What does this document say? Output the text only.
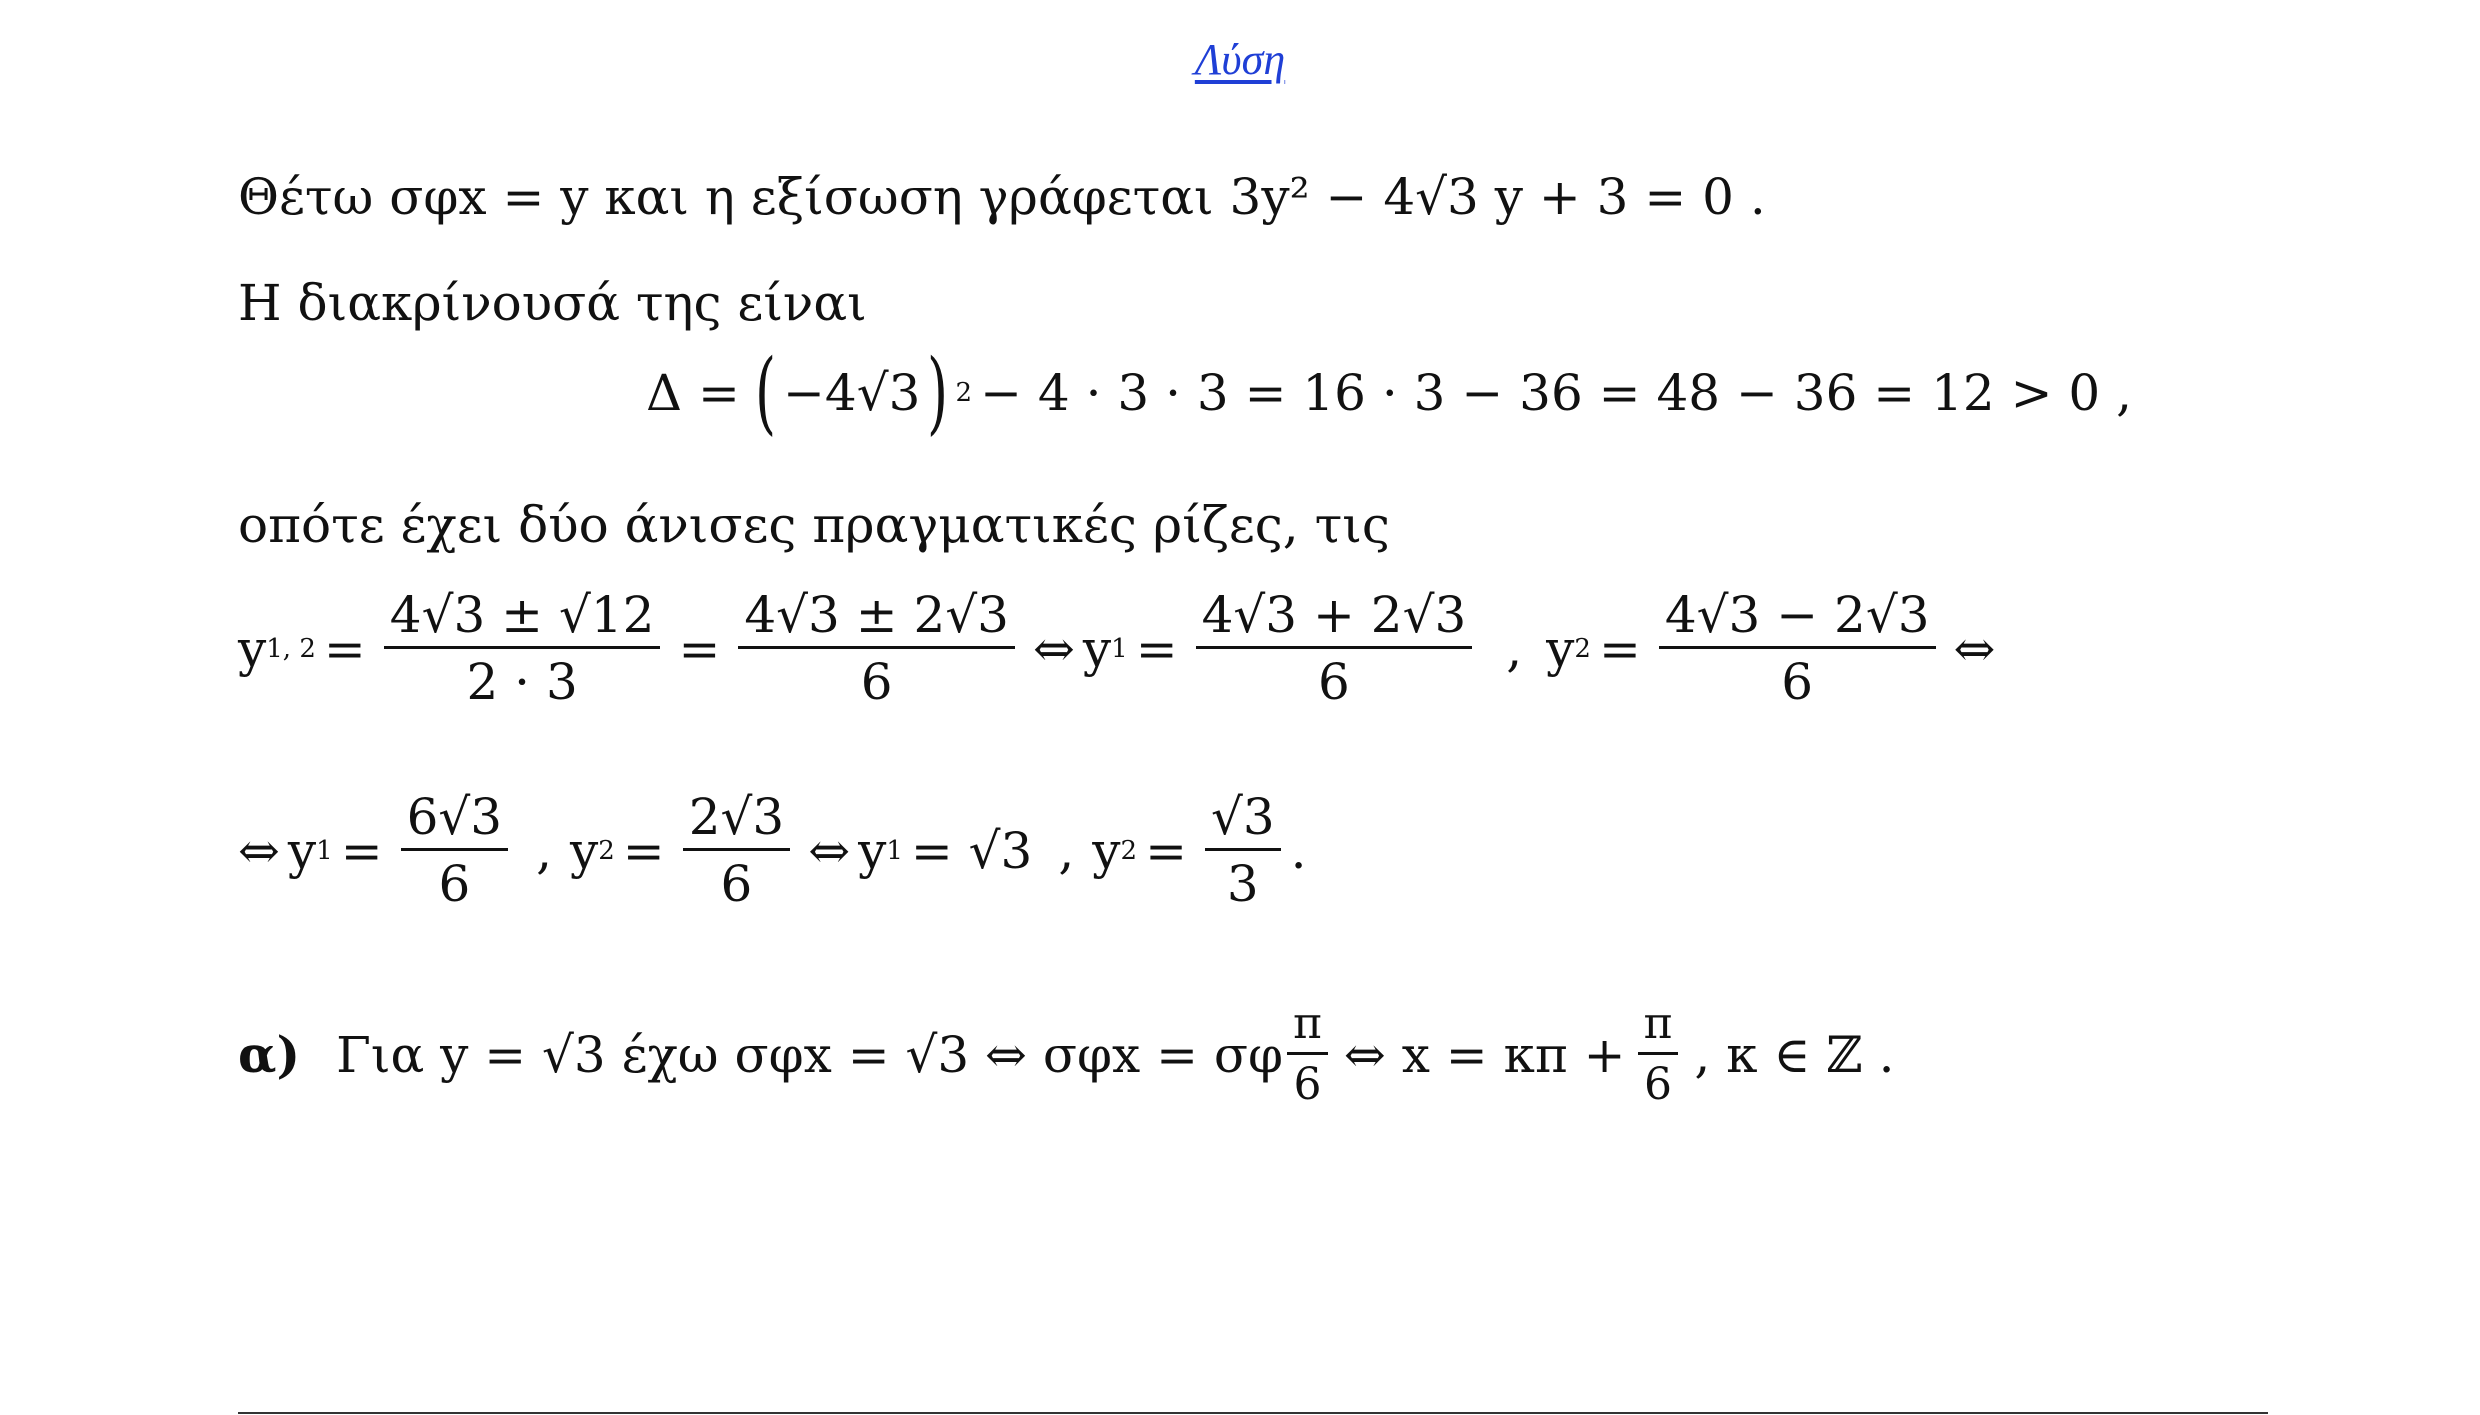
Λύση
Θέτω σφx = y και η εξίσωση γράφεται 3y² − 4√3 y + 3 = 0 .
Η διακρίνουσά της είναι
Δ = ( −4√3 ) 2 − 4 · 3 · 3 = 16 · 3 − 36 = 48 − 36 = 12 > 0 ,
οπότε έχει δύο άνισες πραγματικές ρίζες, τις
y 1, $2 = \frac{4√3 \pm √12}{2 \cdot 3} = \frac{4√3 \pm 2√3}{6}$ ⇔ y $1 = \frac{4√3 + 2√3}{6}$ , y $2 = \frac{4√3 - 2√3}{6}$ ⇔
⇔ y $1 = \frac{6√3}{6}$ , y $2 = \frac{2√3}{6}$ ⇔ y 1 = √3 , y $2 = \frac{√3}{3}$ .
α) Για y = √3 έχω σφx = √3 ⇔ σφx = σφ $\frac{\pi}{6}$ ⇔ $x = \kappa\pi + \frac{\pi}{6}$ , κ ∈ ℤ .
